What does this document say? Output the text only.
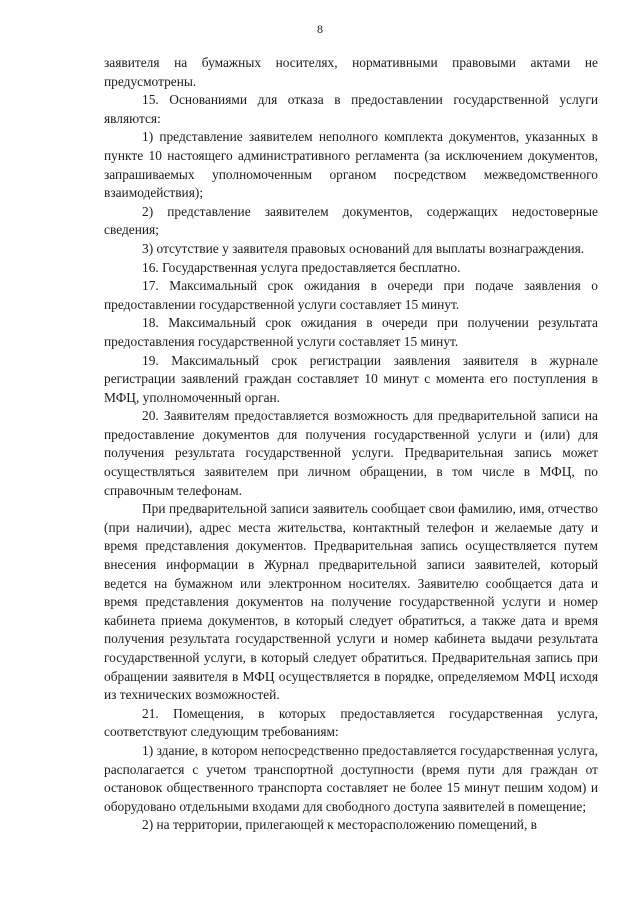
8

заявителя на бумажных носителях, нормативными правовыми актами не предусмотрены.

15. Основаниями для отказа в предоставлении государственной услуги являются:

1) представление заявителем неполного комплекта документов, указанных в пункте 10 настоящего административного регламента (за исключением документов, запрашиваемых уполномоченным органом посредством межведомственного взаимодействия);

2) представление заявителем документов, содержащих недостоверные сведения;

3) отсутствие у заявителя правовых оснований для выплаты вознаграждения.

16. Государственная услуга предоставляется бесплатно.

17. Максимальный срок ожидания в очереди при подаче заявления о предоставлении государственной услуги составляет 15 минут.

18. Максимальный срок ожидания в очереди при получении результата предоставления государственной услуги составляет 15 минут.

19. Максимальный срок регистрации заявления заявителя в журнале регистрации заявлений граждан составляет 10 минут с момента его поступления в МФЦ, уполномоченный орган.

20. Заявителям предоставляется возможность для предварительной записи на предоставление документов для получения государственной услуги и (или) для получения результата государственной услуги. Предварительная запись может осуществляться заявителем при личном обращении, в том числе в МФЦ, по справочным телефонам.

При предварительной записи заявитель сообщает свои фамилию, имя, отчество (при наличии), адрес места жительства, контактный телефон и желаемые дату и время представления документов. Предварительная запись осуществляется путем внесения информации в Журнал предварительной записи заявителей, который ведется на бумажном или электронном носителях. Заявителю сообщается дата и время представления документов на получение государственной услуги и номер кабинета приема документов, в который следует обратиться, а также дата и время получения результата государственной услуги и номер кабинета выдачи результата государственной услуги, в который следует обратиться. Предварительная запись при обращении заявителя в МФЦ осуществляется в порядке, определяемом МФЦ исходя из технических возможностей.

21. Помещения, в которых предоставляется государственная услуга, соответствуют следующим требованиям:

1) здание, в котором непосредственно предоставляется государственная услуга, располагается с учетом транспортной доступности (время пути для граждан от остановок общественного транспорта составляет не более 15 минут пешим ходом) и оборудовано отдельными входами для свободного доступа заявителей в помещение;

2) на территории, прилегающей к месторасположению помещений, в
